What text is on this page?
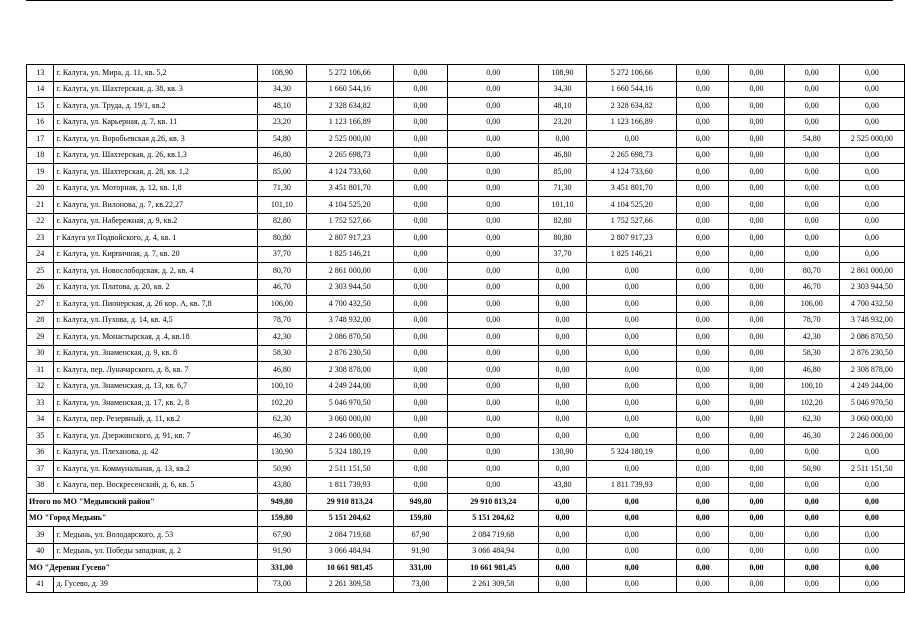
13	г. Калуга, ул. Мира, д. 11, кв. 5,2	108,90	5 272 106,66	0,00	0,00	108,90	5 272 106,66	0,00	0,00	0,00	0,00
14	г. Калуга, ул. Шахтерская, д. 38, кв. 3	34,30	1 660 544,16	0,00	0,00	34,30	1 660 544,16	0,00	0,00	0,00	0,00
15	г. Калуга, ул. Труда, д. 19/1, кв.2	48,10	2 328 634,82	0,00	0,00	48,10	2 328 634,82	0,00	0,00	0,00	0,00
16	г. Калуга, ул. Карьерная, д. 7, кв. 11	23,20	1 123 166,89	0,00	0,00	23,20	1 123 166,89	0,00	0,00	0,00	0,00
17	г. Калуга, ул. Воробьевская д.26, кв. 3	54,80	2 525 000,00	0,00	0,00	0,00	0,00	0,00	0,00	54,80	2 525 000,00
18	г. Калуга, ул. Шахтерская, д. 26, кв.1,3	46,80	2 265 698,73	0,00	0,00	46,80	2 265 698,73	0,00	0,00	0,00	0,00
19	г. Калуга, ул. Шахтерская, д. 28, кв. 1,2	85,00	4 124 733,60	0,00	0,00	85,00	4 124 733,60	0,00	0,00	0,00	0,00
20	г. Калуга, ул. Моторная, д. 12, кв. 1,8	71,30	3 451 801,70	0,00	0,00	71,30	3 451 801,70	0,00	0,00	0,00	0,00
21	г. Калуга, ул. Вилонова, д. 7, кв.22,27	101,10	4 104 525,20	0,00	0,00	101,10	4 104 525,20	0,00	0,00	0,00	0,00
22	г. Калуга, ул. Набережная, д. 9, кв.2	82,80	1 752 527,66	0,00	0,00	82,80	1 752 527,66	0,00	0,00	0,00	0,00
23	г Калуга ул Подвойского, д. 4, кв. 1	80,80	2 807 917,23	0,00	0,00	80,80	2 807 917,23	0,00	0,00	0,00	0,00
24	г. Калуга, ул. Кирпичная, д. 7, кв. 20	37,70	1 825 146,21	0,00	0,00	37,70	1 825 146,21	0,00	0,00	0,00	0,00
25	г. Калуга, ул. Новослободская, д. 2, кв. 4	80,70	2 861 000,00	0,00	0,00	0,00	0,00	0,00	0,00	80,70	2 861 000,00
26	г. Калуга, ул. Платова, д. 20, кв. 2	46,70	2 303 944,50	0,00	0,00	0,00	0,00	0,00	0,00	46,70	2 303 944,50
27	г. Калуга, ул. Пионерская, д. 26 кор. А, кв. 7,8	106,00	4 700 432,50	0,00	0,00	0,00	0,00	0,00	0,00	106,00	4 700 432,50
28	г. Калуга, ул. Пухова, д. 14, кв. 4,5	78,70	3 748 932,00	0,00	0,00	0,00	0,00	0,00	0,00	78,70	3 748 932,00
29	г. Калуга, ул. Монастырская, д .4, кв.18	42,30	2 086 870,50	0,00	0,00	0,00	0,00	0,00	0,00	42,30	2 086 870,50
30	г. Калуга, ул. Знаменская, д. 9, кв. 8	58,30	2 876 230,50	0,00	0,00	0,00	0,00	0,00	0,00	58,30	2 876 230,50
31	г. Калуга, пер. Луначарского, д. 8, кв. 7	46,80	2 308 878,00	0,00	0,00	0,00	0,00	0,00	0,00	46,80	2 308 878,00
32	г. Калуга, ул. Знаменская, д. 13, кв. 6,7	100,10	4 249 244,00	0,00	0,00	0,00	0,00	0,00	0,00	100,10	4 249 244,00
33	г. Калуга, ул. Знаменская, д. 17, кв. 2, 8	102,20	5 046 970,50	0,00	0,00	0,00	0,00	0,00	0,00	102,20	5 046 970,50
34	г. Калуга, пер. Резервный, д. 11, кв.2	62,30	3 060 000,00	0,00	0,00	0,00	0,00	0,00	0,00	62,30	3 060 000,00
35	г. Калуга, ул. Дзержинского, д. 91, кв. 7	46,30	2 246 000,00	0,00	0,00	0,00	0,00	0,00	0,00	46,30	2 246 000,00
36	г. Калуга, ул. Плеханова, д. 42	130,90	5 324 180,19	0,00	0,00	130,90	5 324 180,19	0,00	0,00	0,00	0,00
37	г. Калуга, ул. Коммунальная, д. 13, кв.2	50,90	2 511 151,50	0,00	0,00	0,00	0,00	0,00	0,00	50,90	2 511 151,50
38	г. Калуга, пер. Воскресенский, д. 6, кв. 5	43,80	1 811 739,93	0,00	0,00	43,80	1 811 739,93	0,00	0,00	0,00	0,00
Итого по МО "Медынский район"		949,80	29 910 813,24	949,80	29 910 813,24	0,00	0,00	0,00	0,00	0,00	0,00
МО "Город Медынь"		159,80	5 151 204,62	159,80	5 151 204,62	0,00	0,00	0,00	0,00	0,00	0,00
39	г. Медынь, ул. Володарского, д. 53	67,90	2 084 719,68	67,90	2 084 719,68	0,00	0,00	0,00	0,00	0,00	0,00
40	г. Медынь, ул. Победы западная, д. 2	91,90	3 066 484,94	91,90	3 066 484,94	0,00	0,00	0,00	0,00	0,00	0,00
МО "Деревня Гусево"		331,00	10 661 981,45	331,00	10 661 981,45	0,00	0,00	0,00	0,00	0,00	0,00
41	д. Гусево, д. 39	73,00	2 261 309,58	73,00	2 261 309,58	0,00	0,00	0,00	0,00	0,00	0,00
